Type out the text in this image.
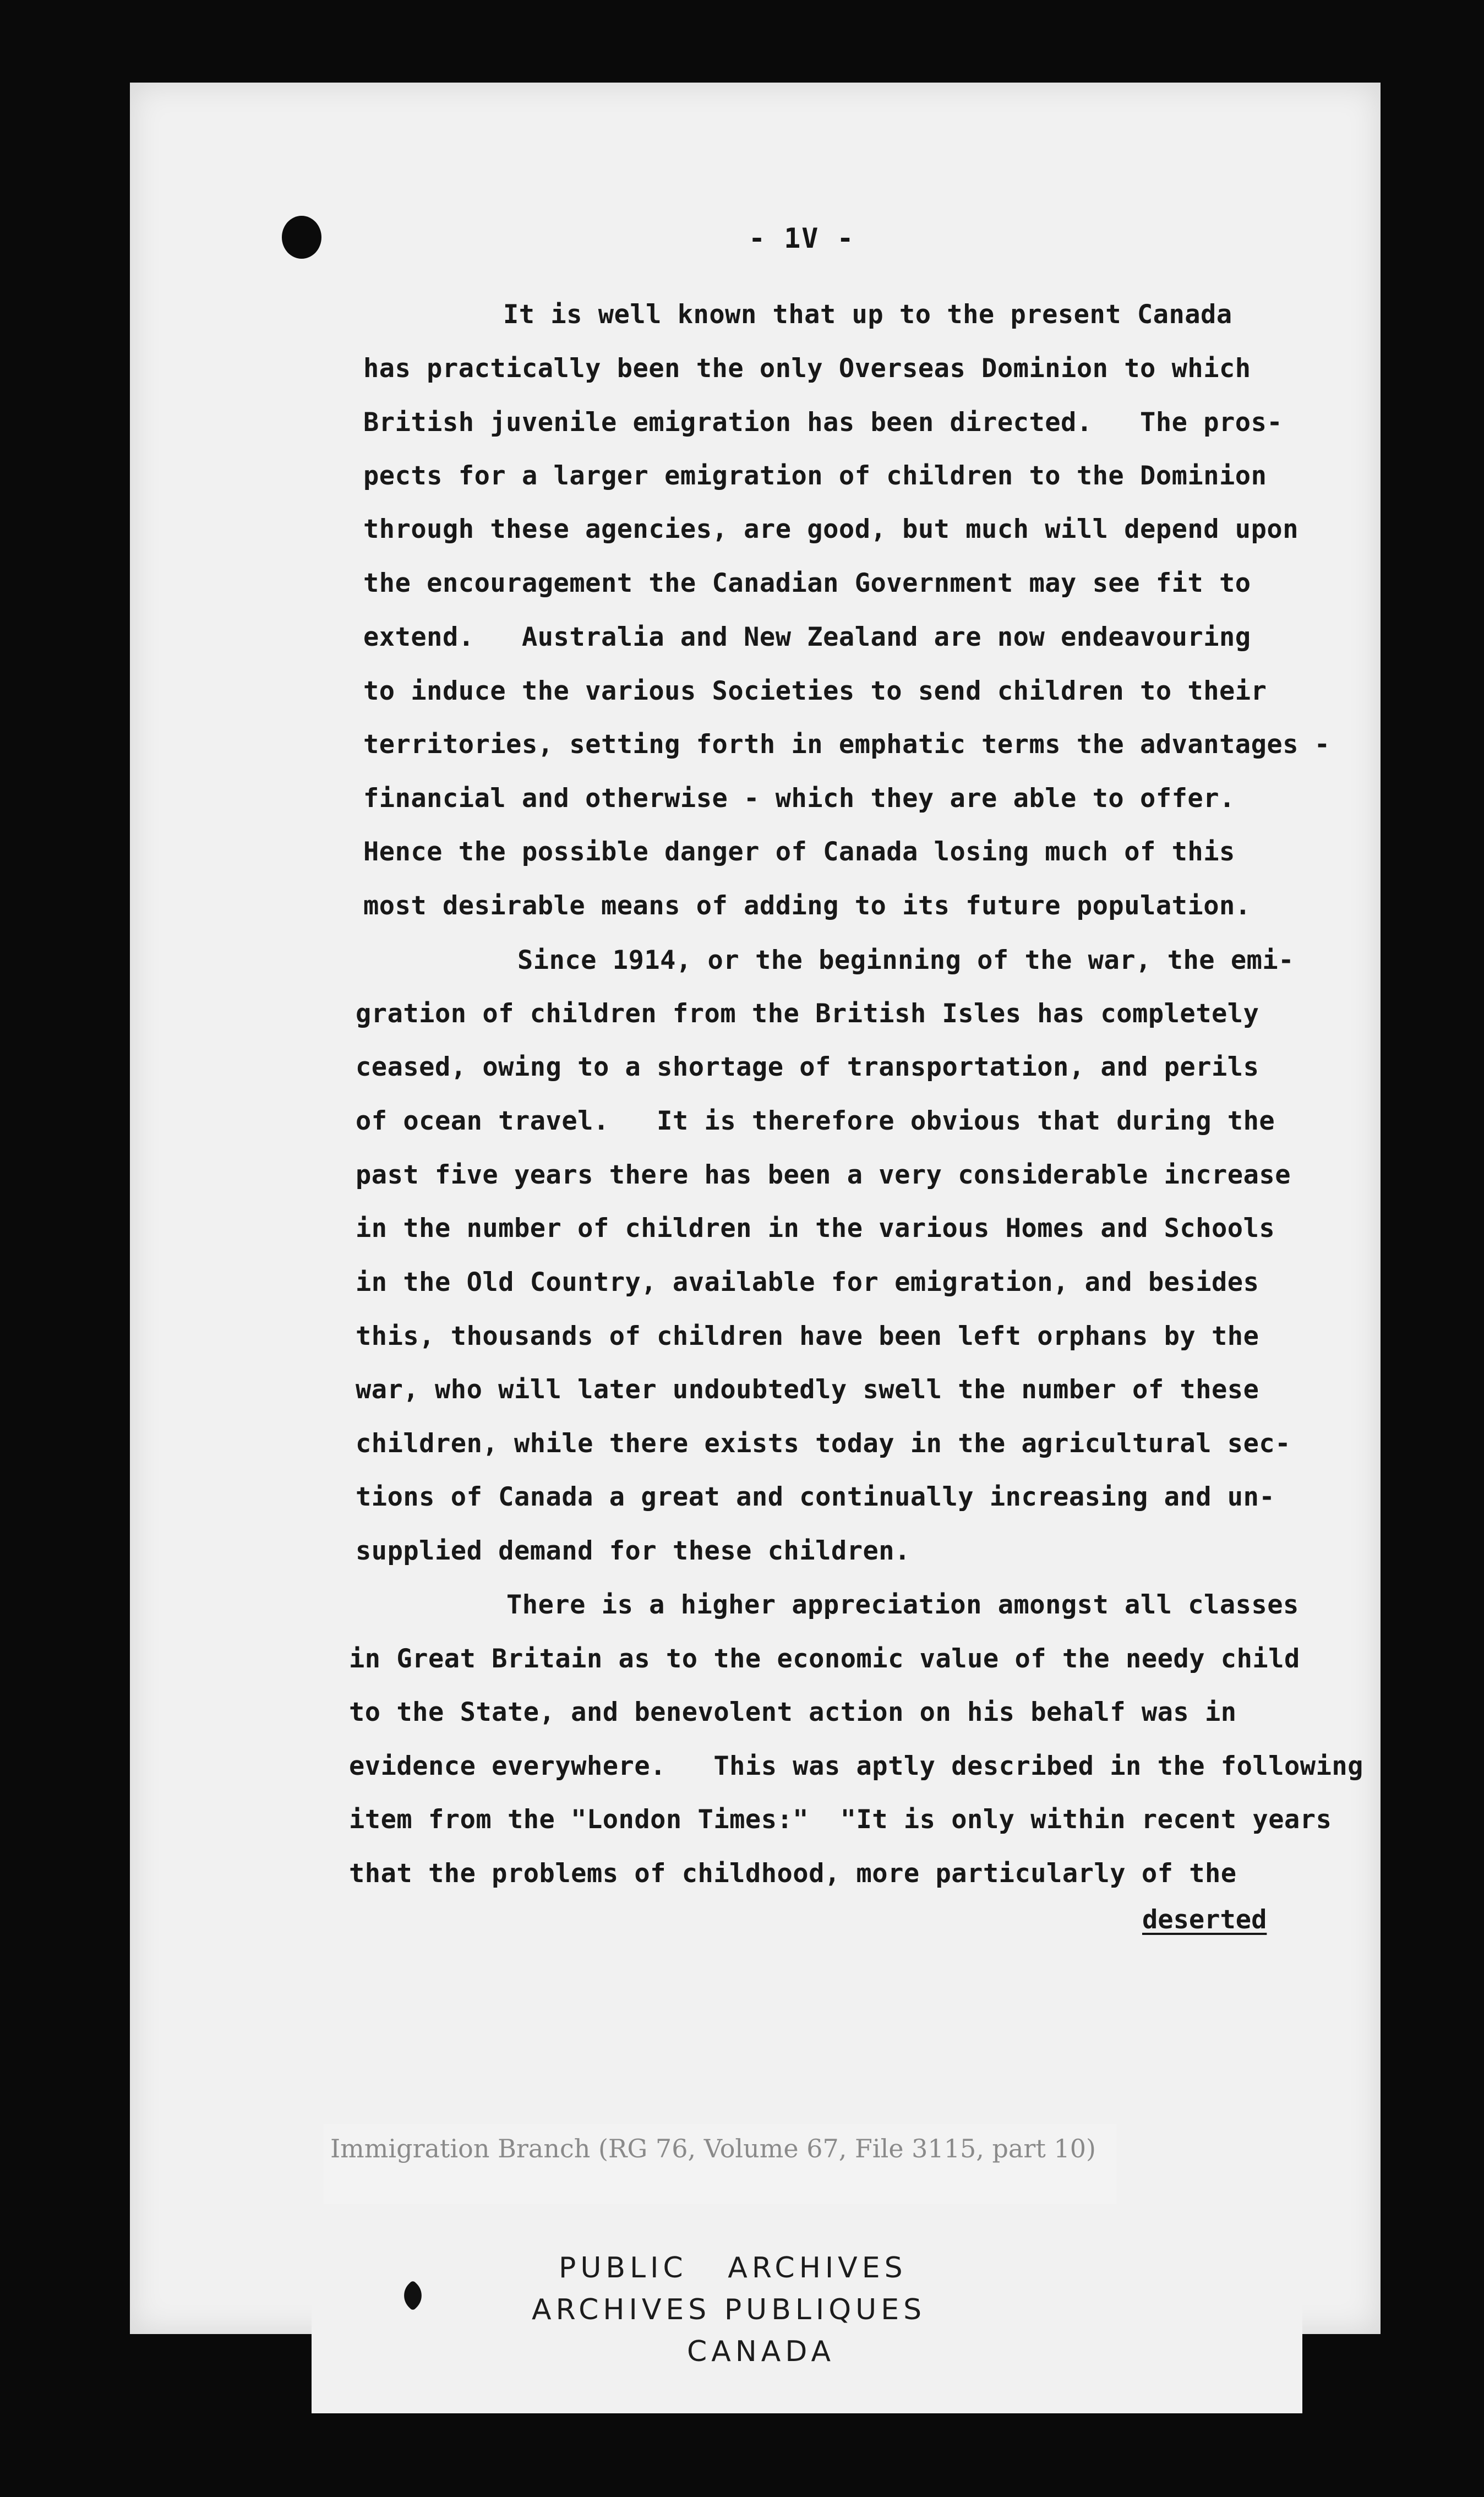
- 1V -
It is well known that up to the present Canada
has practically been the only Overseas Dominion to which
British juvenile emigration has been directed.   The pros-
pects for a larger emigration of children to the Dominion
through these agencies, are good, but much will depend upon
the encouragement the Canadian Government may see fit to
extend.   Australia and New Zealand are now endeavouring
to induce the various Societies to send children to their
territories, setting forth in emphatic terms the advantages -
financial and otherwise - which they are able to offer.
Hence the possible danger of Canada losing much of this
most desirable means of adding to its future population.
Since 1914, or the beginning of the war, the emi-
gration of children from the British Isles has completely
ceased, owing to a shortage of transportation, and perils
of ocean travel.   It is therefore obvious that during the
past five years there has been a very considerable increase
in the number of children in the various Homes and Schools
in the Old Country, available for emigration, and besides
this, thousands of children have been left orphans by the
war, who will later undoubtedly swell the number of these
children, while there exists today in the agricultural sec-
tions of Canada a great and continually increasing and un-
supplied demand for these children.
There is a higher appreciation amongst all classes
in Great Britain as to the economic value of the needy child
to the State, and benevolent action on his behalf was in
evidence everywhere.   This was aptly described in the following
item from the "London Times:"  "It is only within recent years
that the problems of childhood, more particularly of the
deserted
Immigration Branch (RG 76, Volume 67, File 3115, part 10)
PUBLIC   ARCHIVES
ARCHIVES PUBLIQUES
CANADA
